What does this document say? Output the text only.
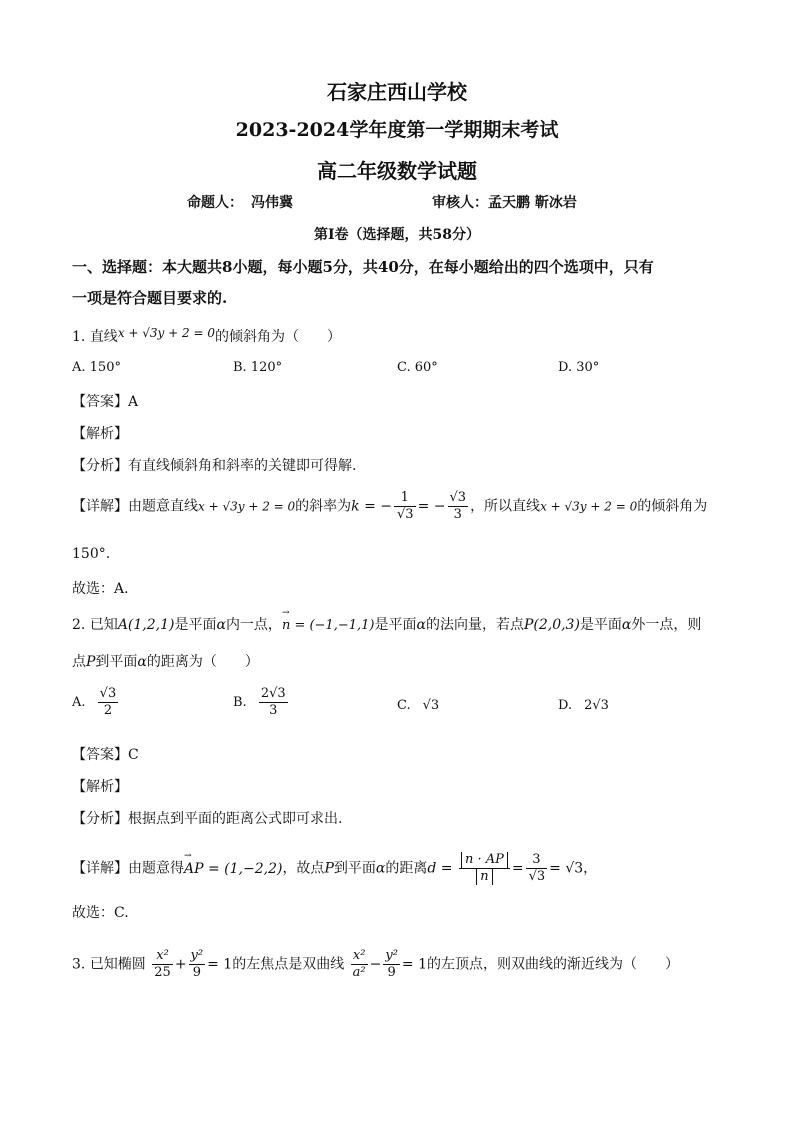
石家庄西山学校
2023-2024学年度第一学期期末考试
高二年级数学试题
命题人： 冯伟冀	审核人：孟天鹏 靳冰岩
第Ⅰ卷（选择题，共58分）
一、选择题：本大题共8小题，每小题5分，共40分，在每小题给出的四个选项中，只有
一项是符合题目要求的.
1. 直线x + √3y + 2 = 0的倾斜角为（　　）
A. 150°	B. 120°	C. 60°	D. 30°
【答案】A
【解析】
【分析】有直线倾斜角和斜率的关键即可得解.
【详解】由题意直线x + √3y + 2 = 0的斜率为k = − $\frac{1}{√3}$ = − $\frac{√3}{3}$ ，所以直线x + √3y + 2 = 0的倾斜角为
150°.
故选：A.
2. 已知A(1,2,1)是平面α内一点，→ n = (−1,−1,1)是平面α的法向量，若点P(2,0,3)是平面α外一点，则
点P到平面α的距离为（　　）
A. $\frac{√3}{2}$	B. $\frac{2√3}{3}$	C. √3	D. 2√3
【答案】C
【解析】
【分析】根据点到平面的距离公式即可求出.
【详解】由题意得→ AP = (1,−2,2)，故点P到平面α的距离$d = \frac{n \cdot AP}{n} = \frac{3}{√3} = √3$，
故选：C.
3. 已知椭圆 $\frac{\text{x²}}{25} + \frac{\text{y²}}{9} = 1$的左焦点是双曲线 $\frac{\text{x²}}{\text{a²}} - \frac{\text{y²}}{9} = 1$的左顶点，则双曲线的渐近线为（　　）
